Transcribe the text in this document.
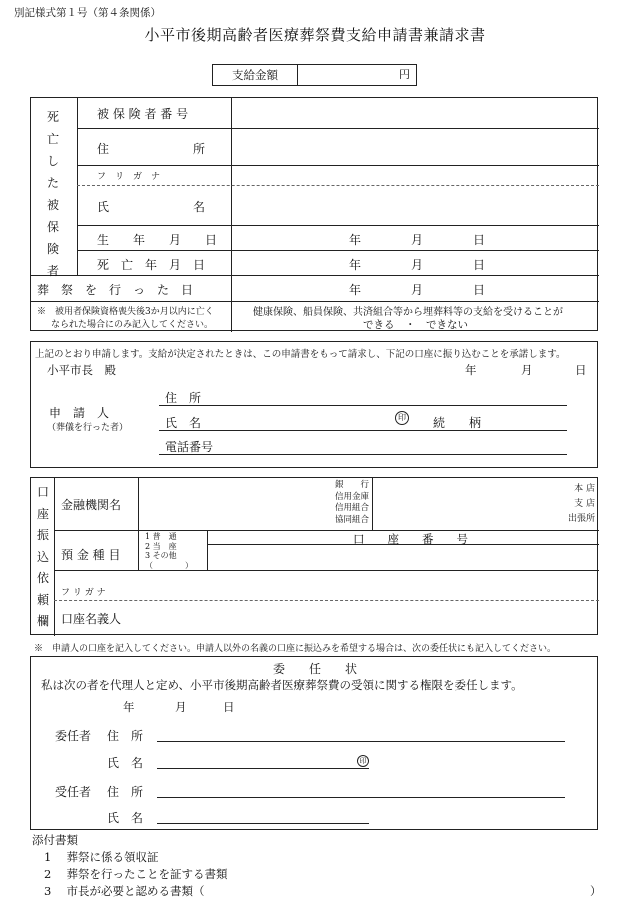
別記様式第１号（第４条関係）
小平市後期高齢者医療葬祭費支給申請書兼請求書
支給金額	円
死
亡
し
た
被
保
険
者
被 保 険 者 番 号
住　　　　　　　所
フ　リ　ガ　ナ
氏　　　　　　　名
生　　年　　月　　日	年	月	日
死　亡　年　月　日	年	月	日
葬　祭　を　行　っ　た　日	年	月	日
※　被用者保険資格喪失後3か月以内に亡く
なられた場合にのみ記入してください。
健康保険、船員保険、共済組合等から埋葬料等の支給を受けることが
できる　・　できない
上記のとおり申請します。支給が決定されたときは、この申請書をもって請求し、下記の口座に振り込むことを承諾します。
小平市長　殿	年	月	日
申　請　人
（葬儀を行った者）
住　所
氏　名	印 続　　柄
電話番号
口
座
振
込
依
頼
欄
金融機関名
銀　　行
信用金庫
信用組合
協同組合
本 店
支 店
出張所
預 金 種 目
1 普　通
2 当　座
3 その他
（　　　　）
口　　座　　番　　号
フ リ ガ ナ
口座名義人
※　申請人の口座を記入してください。申請人以外の名義の口座に振込みを希望する場合は、次の委任状にも記入してください。
委　　任　　状
私は次の者を代理人と定め、小平市後期高齢者医療葬祭費の受領に関する権限を委任します。
年	月	日
委任者 住　所
氏　名	印
受任者 住　所
氏　名
添付書類
1　 葬祭に係る領収証
2　 葬祭を行ったことを証する書類
3　 市長が必要と認める書類（	）
